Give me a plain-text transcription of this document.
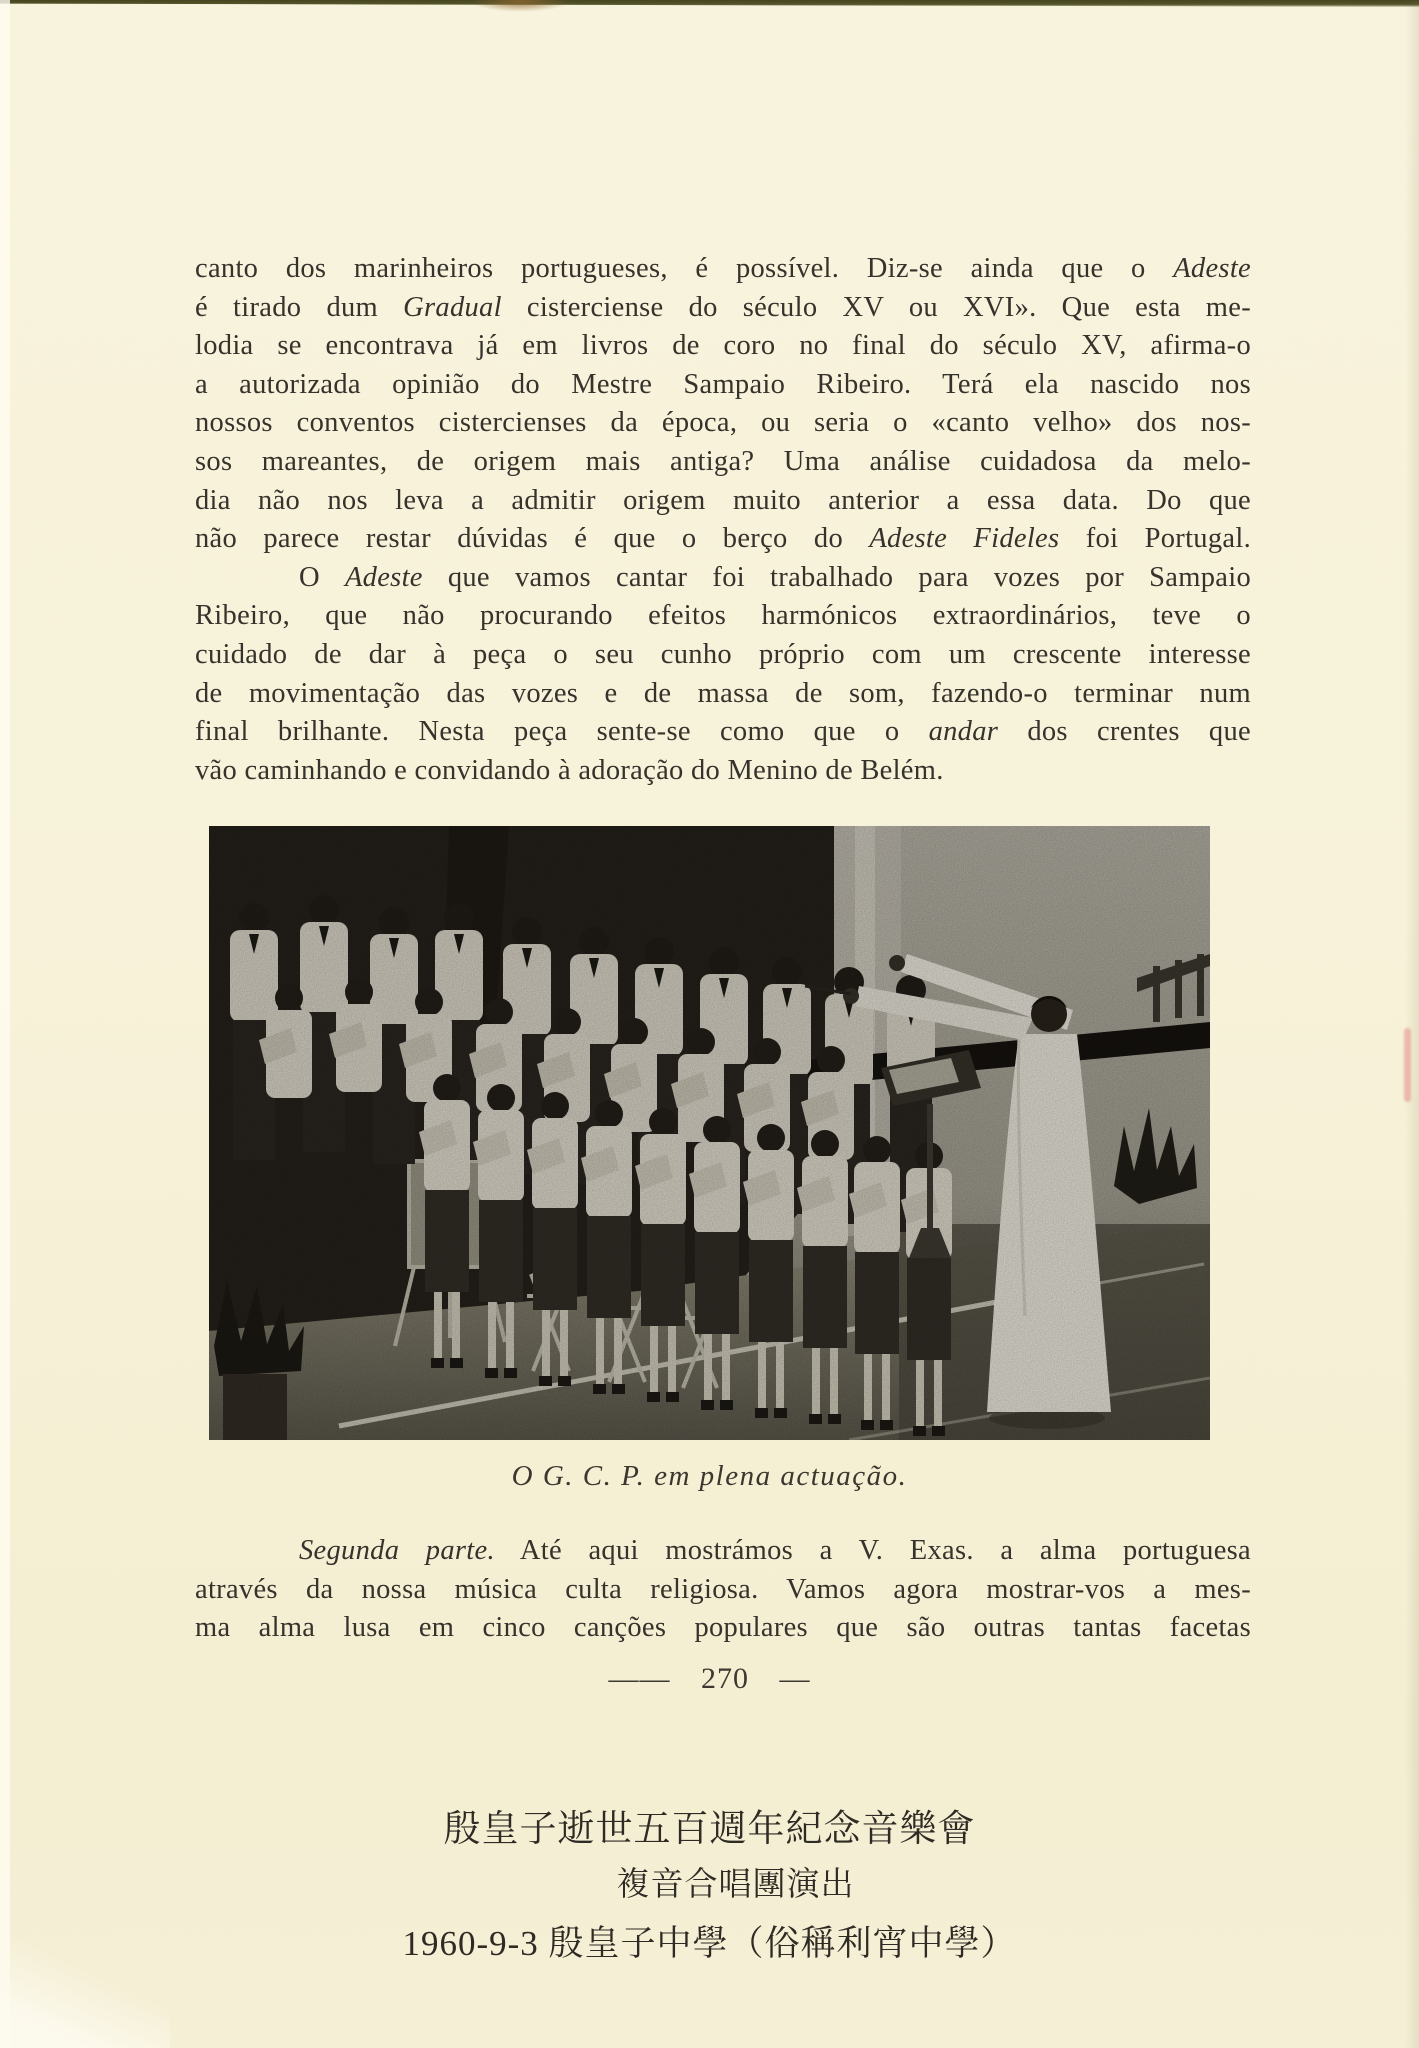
canto dos marinheiros portugueses, é possível. Diz-se ainda que o Adeste
é tirado dum Gradual cisterciense do século XV ou XVI». Que esta me-
lodia se encontrava já em livros de coro no final do século XV, afirma-o
a autorizada opinião do Mestre Sampaio Ribeiro. Terá ela nascido nos
nossos conventos cistercienses da época, ou seria o «canto velho» dos nos-
sos mareantes, de origem mais antiga? Uma análise cuidadosa da melo-
dia não nos leva a admitir origem muito anterior a essa data. Do que
não parece restar dúvidas é que o berço do Adeste Fideles foi Portugal.
O Adeste que vamos cantar foi trabalhado para vozes por Sampaio
Ribeiro, que não procurando efeitos harmónicos extraordinários, teve o
cuidado de dar à peça o seu cunho próprio com um crescente interesse
de movimentação das vozes e de massa de som, fazendo-o terminar num
final brilhante. Nesta peça sente-se como que o andar dos crentes que
vão caminhando e convidando à adoração do Menino de Belém.
O G. C. P. em plena actuação.
Segunda parte. Até aqui mostrámos a V. Exas. a alma portuguesa
através da nossa música culta religiosa. Vamos agora mostrar-vos a mes-
ma alma lusa em cinco canções populares que são outras tantas facetas
—— 270 —
殷皇子逝世五百週年紀念音樂會
複音合唱團演出
1960-9-3 殷皇子中學（俗稱利宵中學）
